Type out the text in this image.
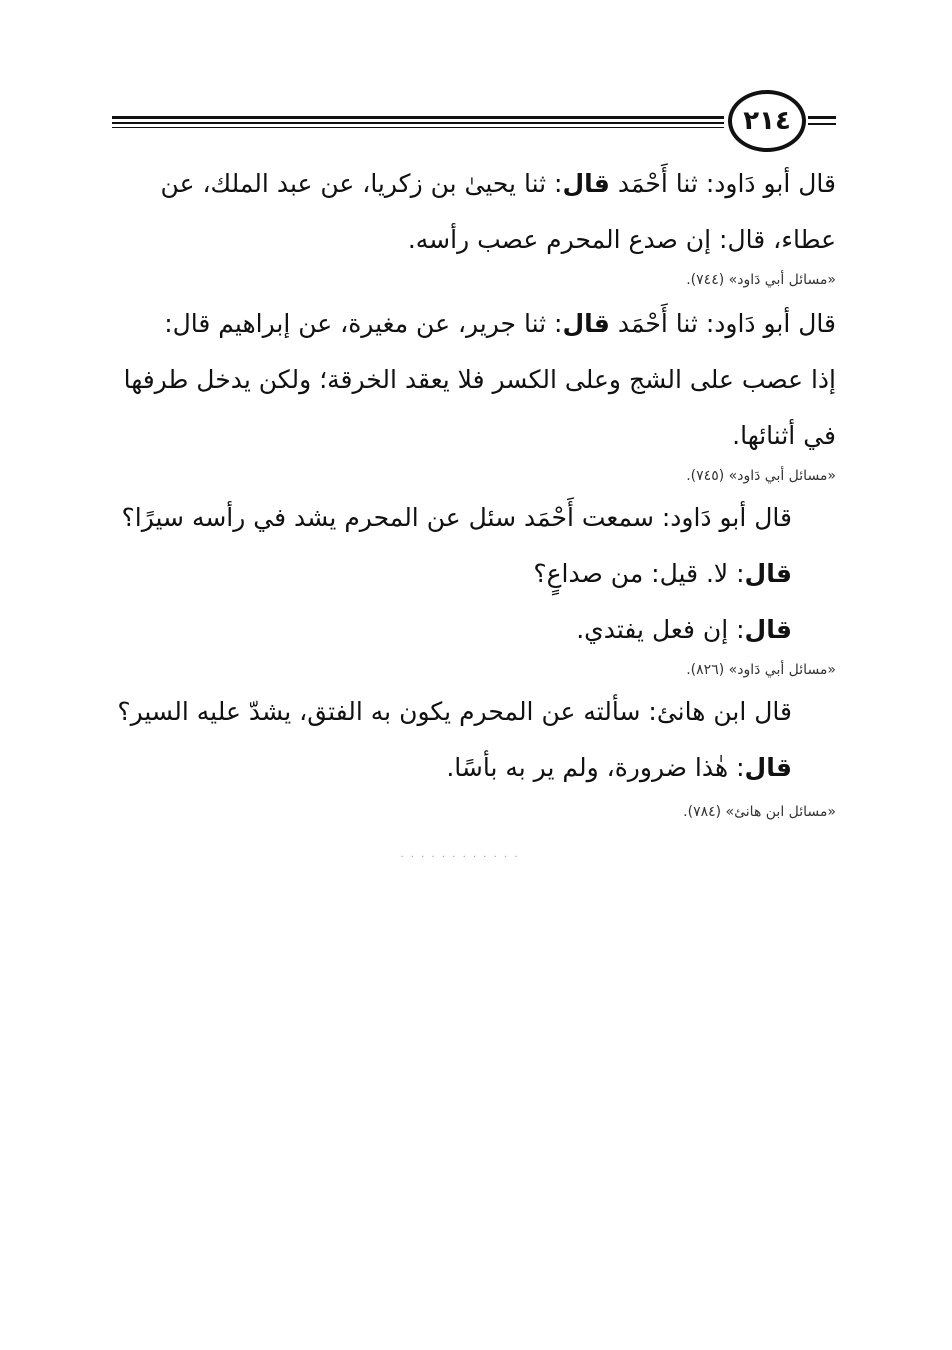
٢١٤
قال أبو دَاود: ثنا أَحْمَد قال: ثنا يحيىٰ بن زكريا، عن عبد الملك، عن
عطاء، قال: إن صدع المحرم عصب رأسه.
«مسائل أبي دَاود» (٧٤٤).
قال أبو دَاود: ثنا أَحْمَد قال: ثنا جرير، عن مغيرة، عن إبراهيم قال:
إذا عصب على الشج وعلى الكسر فلا يعقد الخرقة؛ ولكن يدخل طرفها
في أثنائها.
«مسائل أبي دَاود» (٧٤٥).
قال أبو دَاود: سمعت أَحْمَد سئل عن المحرم يشد في رأسه سيرًا؟
قال: لا. قيل: من صداعٍ؟
قال: إن فعل يفتدي.
«مسائل أبي دَاود» (٨٢٦).
قال ابن هانئ: سألته عن المحرم يكون به الفتق، يشدّ عليه السير؟
قال: هٰذا ضرورة، ولم ير به بأسًا.
«مسائل ابن هانئ» (٧٨٤).
· · · · · · · · · · · ·
